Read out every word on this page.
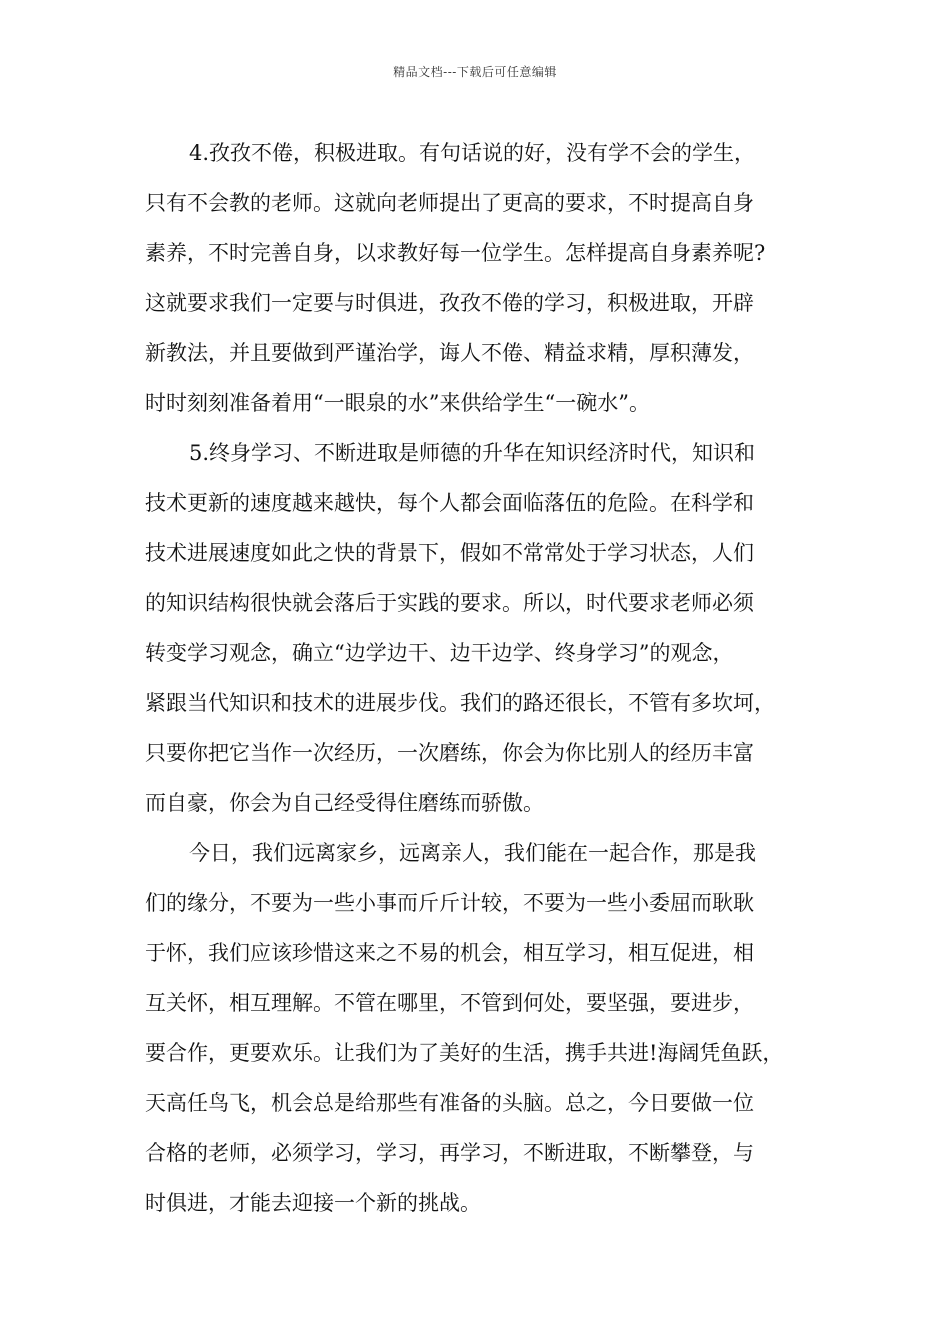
精品文档---下载后可任意编辑
4.孜孜不倦，积极进取。有句话说的好，没有学不会的学生，
只有不会教的老师。这就向老师提出了更高的要求，不时提高自身
素养，不时完善自身，以求教好每一位学生。怎样提高自身素养呢?
这就要求我们一定要与时俱进，孜孜不倦的学习，积极进取，开辟
新教法，并且要做到严谨治学，诲人不倦、精益求精，厚积薄发，
时时刻刻准备着用“一眼泉的水”来供给学生“一碗水”。
5.终身学习、不断进取是师德的升华在知识经济时代，知识和
技术更新的速度越来越快，每个人都会面临落伍的危险。在科学和
技术进展速度如此之快的背景下，假如不常常处于学习状态，人们
的知识结构很快就会落后于实践的要求。所以，时代要求老师必须
转变学习观念，确立“边学边干、边干边学、终身学习”的观念，
紧跟当代知识和技术的进展步伐。我们的路还很长，不管有多坎坷，
只要你把它当作一次经历，一次磨练，你会为你比别人的经历丰富
而自豪，你会为自己经受得住磨练而骄傲。
今日，我们远离家乡，远离亲人，我们能在一起合作，那是我
们的缘分，不要为一些小事而斤斤计较，不要为一些小委屈而耿耿
于怀，我们应该珍惜这来之不易的机会，相互学习，相互促进，相
互关怀，相互理解。不管在哪里，不管到何处，要坚强，要进步，
要合作，更要欢乐。让我们为了美好的生活，携手共进!海阔凭鱼跃，
天高任鸟飞，机会总是给那些有准备的头脑。总之，今日要做一位
合格的老师，必须学习，学习，再学习，不断进取，不断攀登，与
时俱进，才能去迎接一个新的挑战。
